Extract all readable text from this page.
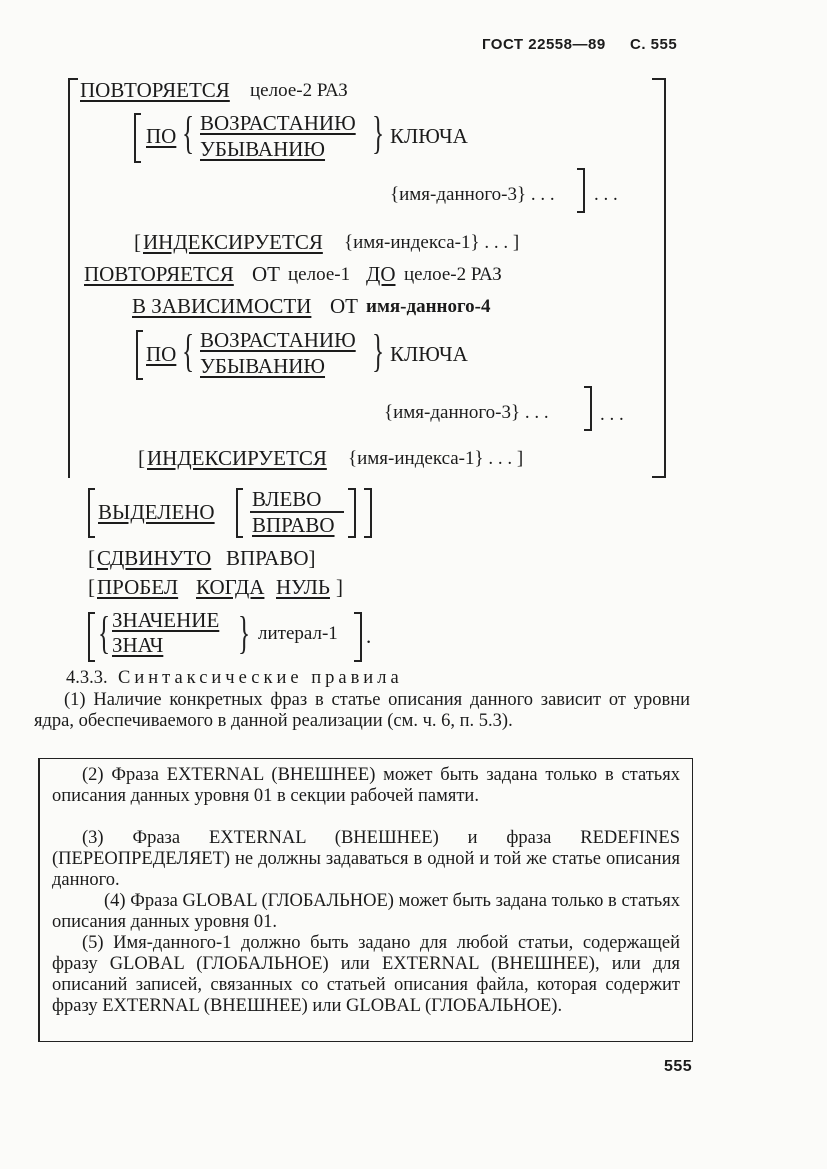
ГОСТ 22558—89 С. 555
ПОВТОРЯЕТСЯ целое-2 РАЗ
ПО { ВОЗРАСТАНИЮ
УБЫВАНИЮ } КЛЮЧА
{имя-данного-3} . . . . . .
[ ИНДЕКСИРУЕТСЯ {имя-индекса-1} . . . ]
ПОВТОРЯЕТСЯ ОТ целое-1 ДО целое-2 РАЗ
В ЗАВИСИМОСТИ ОТ имя-данного-4
ПО { ВОЗРАСТАНИЮ
УБЫВАНИЮ } КЛЮЧА
{имя-данного-3} . . .	. . .
[ ИНДЕКСИРУЕТСЯ {имя-индекса-1} . . . ]
ВЫДЕЛЕНО
ВЛЕВО
ВПРАВО
[ СДВИНУТО ВПРАВО]
[ ПРОБЕЛ КОГДА НУЛЬ ]
{ ЗНАЧЕНИЕ
ЗНАЧ } литерал-1 .
4.3.3. Синтаксические правила
(1) Наличие конкретных фраз в статье описания данного зависит от уровни ядра, обеспечиваемого в данной реализации (см. ч. 6, п. 5.3).
(2) Фраза EXTERNAL (ВНЕШНЕЕ) может быть задана только в статьях описания данных уровня 01 в секции рабочей памяти.
(3) Фраза EXTERNAL (ВНЕШНЕЕ) и фраза REDEFINES (ПЕРЕОПРЕДЕЛЯЕТ) не должны задаваться в одной и той же статье описания данного.
(4) Фраза GLOBAL (ГЛОБАЛЬНОЕ) может быть задана только в статьях описания данных уровня 01.
(5) Имя-данного-1 должно быть задано для любой статьи, содержащей фразу GLOBAL (ГЛОБАЛЬНОЕ) или EXTERNAL (ВНЕШНЕЕ), или для описаний записей, связанных со статьей описания файла, которая содержит фразу EXTERNAL (ВНЕШНЕЕ) или GLOBAL (ГЛОБАЛЬНОЕ).
555
